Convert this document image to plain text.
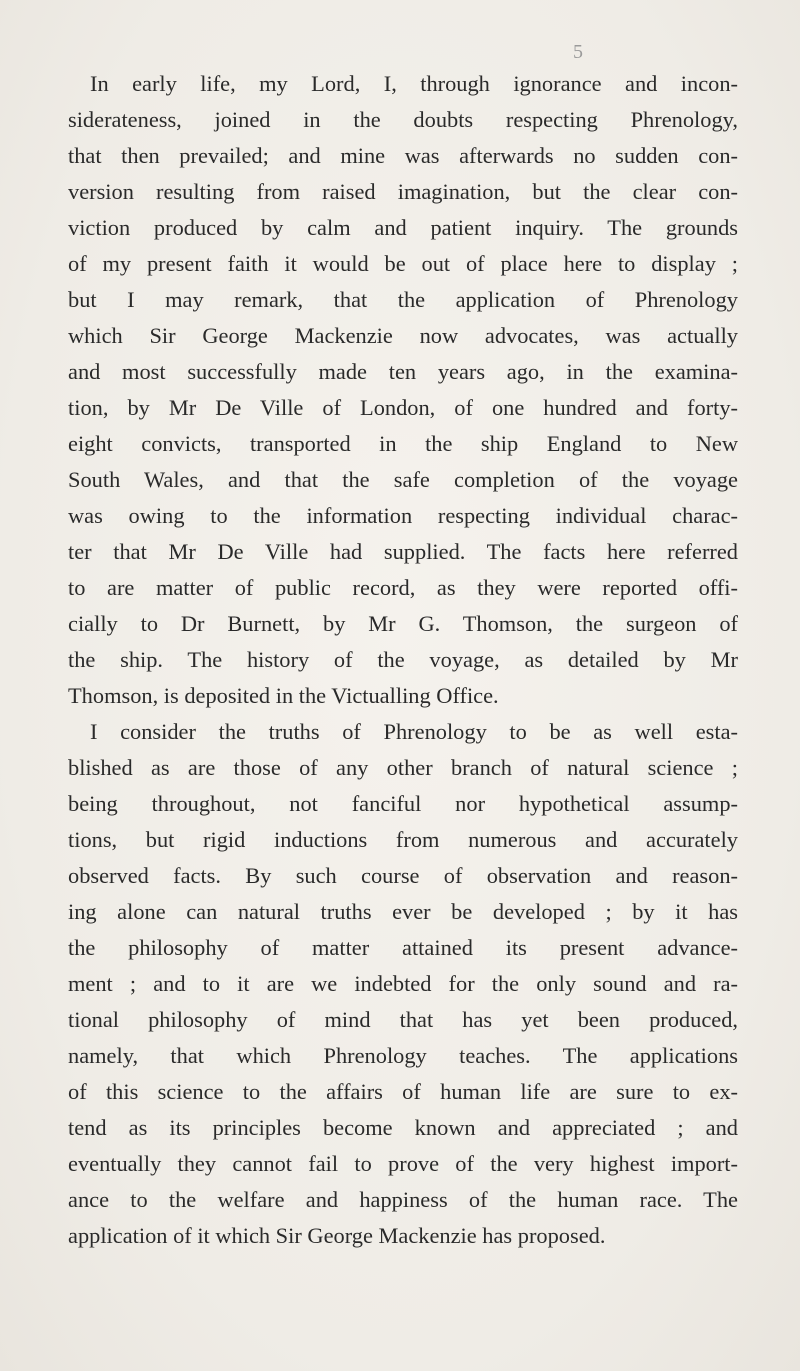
5
In early life, my Lord, I, through ignorance and incon-
siderateness, joined in the doubts respecting Phrenology,
that then prevailed; and mine was afterwards no sudden con-
version resulting from raised imagination, but the clear con-
viction produced by calm and patient inquiry. The grounds
of my present faith it would be out of place here to display ;
but I may remark, that the application of Phrenology
which Sir George Mackenzie now advocates, was actually
and most successfully made ten years ago, in the examina-
tion, by Mr De Ville of London, of one hundred and forty-
eight convicts, transported in the ship England to New
South Wales, and that the safe completion of the voyage
was owing to the information respecting individual charac-
ter that Mr De Ville had supplied. The facts here referred
to are matter of public record, as they were reported offi-
cially to Dr Burnett, by Mr G. Thomson, the surgeon of
the ship. The history of the voyage, as detailed by Mr
Thomson, is deposited in the Victualling Office.
I consider the truths of Phrenology to be as well esta-
blished as are those of any other branch of natural science ;
being throughout, not fanciful nor hypothetical assump-
tions, but rigid inductions from numerous and accurately
observed facts. By such course of observation and reason-
ing alone can natural truths ever be developed ; by it has
the philosophy of matter attained its present advance-
ment ; and to it are we indebted for the only sound and ra-
tional philosophy of mind that has yet been produced,
namely, that which Phrenology teaches. The applications
of this science to the affairs of human life are sure to ex-
tend as its principles become known and appreciated ; and
eventually they cannot fail to prove of the very highest import-
ance to the welfare and happiness of the human race. The
application of it which Sir George Mackenzie has proposed.
